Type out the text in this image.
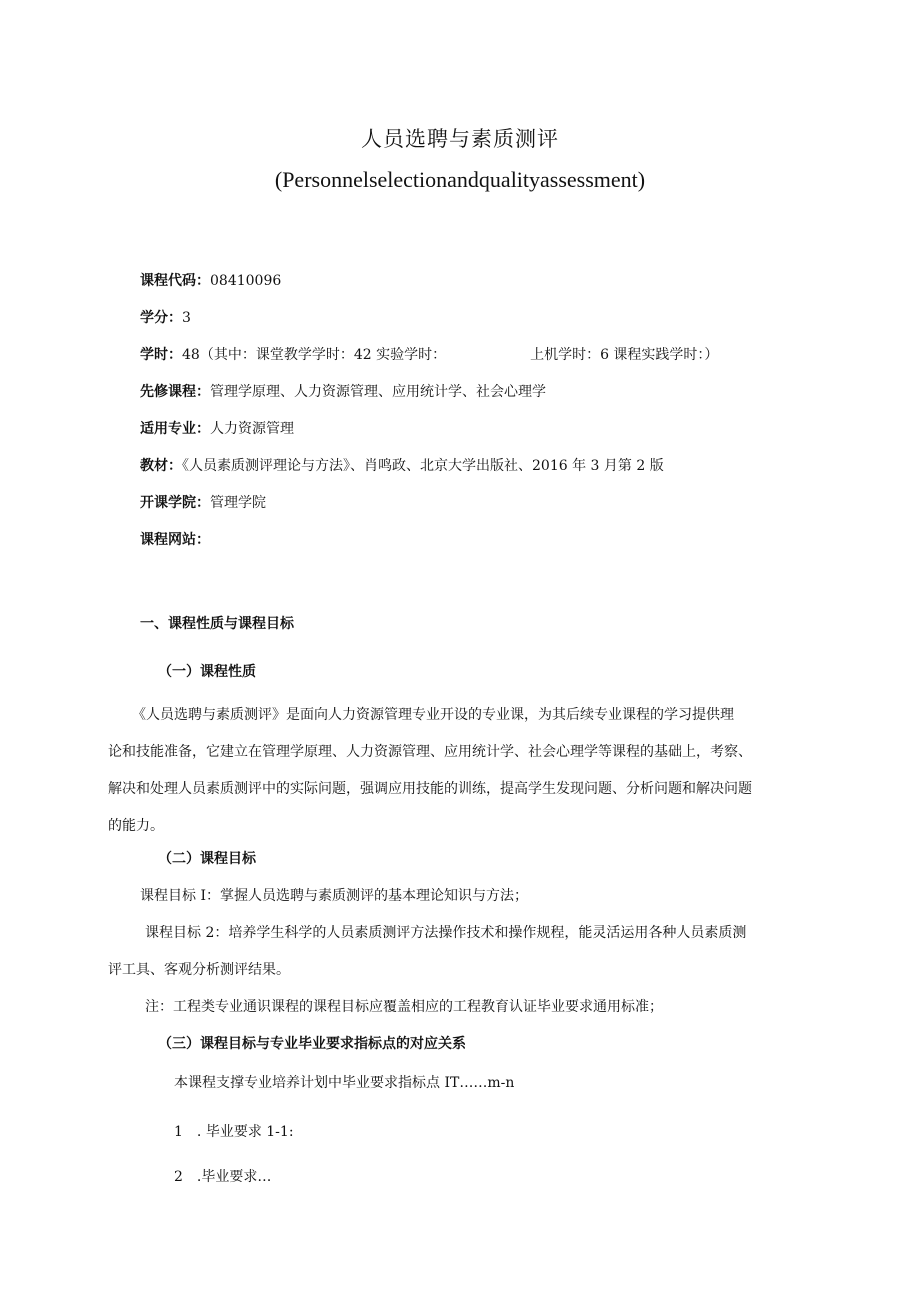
人员选聘与素质测评
(Personnelselectionandqualityassessment)
课程代码：08410096
学分：3
学时：48（其中：课堂教学学时：42 实验学时：	上机学时：6 课程实践学时：）
先修课程：管理学原理、人力资源管理、应用统计学、社会心理学
适用专业：人力资源管理
教材：《人员素质测评理论与方法》、肖鸣政、北京大学出版社、2016 年 3 月第 2 版
开课学院：管理学院
课程网站：
一、课程性质与课程目标
（一）课程性质

《人员选聘与素质测评》是面向人力资源管理专业开设的专业课，为其后续专业课程的学习提供理

论和技能准备，它建立在管理学原理、人力资源管理、应用统计学、社会心理学等课程的基础上，考察、

解决和处理人员素质测评中的实际问题，强调应用技能的训练，提高学生发现问题、分析问题和解决问题

的能力。

（二）课程目标
课程目标 I：掌握人员选聘与素质测评的基本理论知识与方法；
课程目标 2：培养学生科学的人员素质测评方法操作技术和操作规程，能灵活运用各种人员素质测
评工具、客观分析测评结果。
注：工程类专业通识课程的课程目标应覆盖相应的工程教育认证毕业要求通用标准；
（三）课程目标与专业毕业要求指标点的对应关系
本课程支撑专业培养计划中毕业要求指标点 IT……m-n
1 . 毕业要求 1-1:
2 .毕业要求…
